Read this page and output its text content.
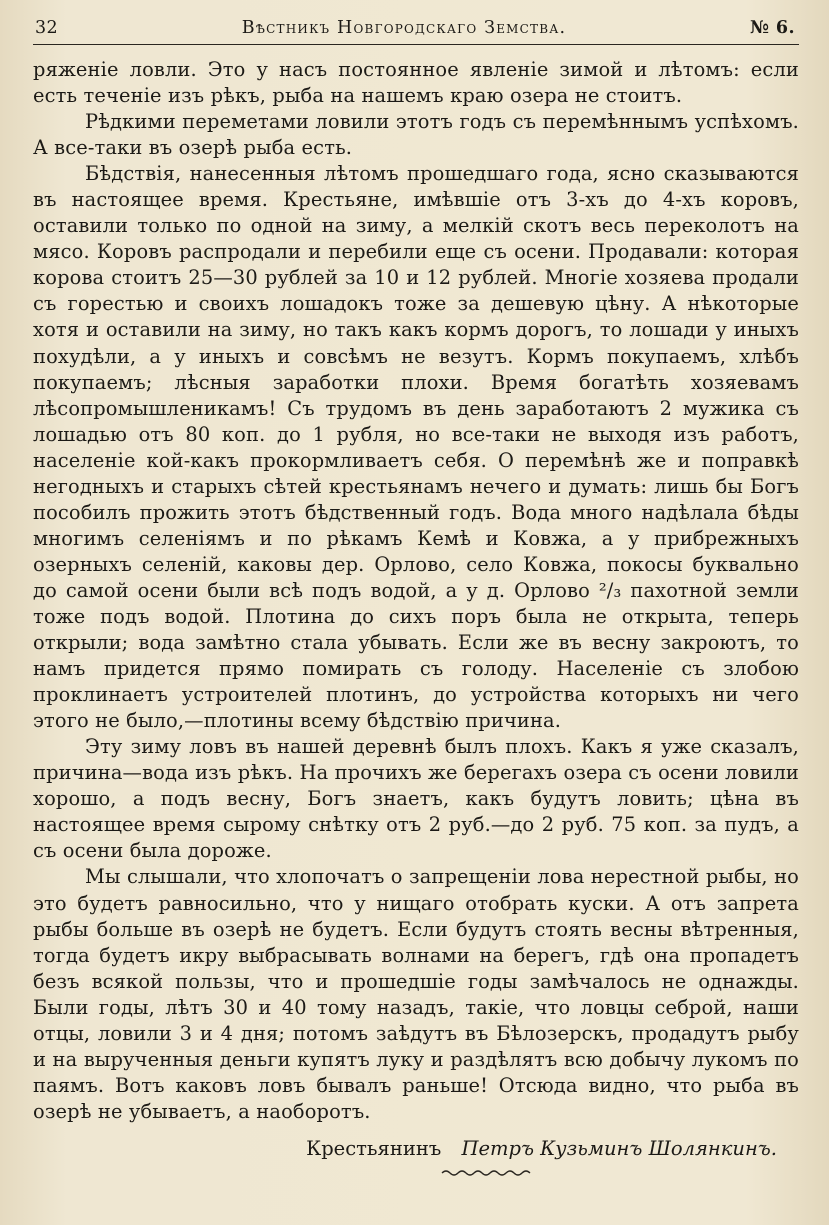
32	Вѣстникъ Новгородскаго Земства.	№ 6.

ряженіе ловли. Это у насъ постоянное явленіе зимой и лѣтомъ: если есть теченіе изъ рѣкъ, рыба на нашемъ краю озера не стоитъ.

Рѣдкими переметами ловили этотъ годъ съ перемѣннымъ успѣхомъ. А все-таки въ озерѣ рыба есть.

Бѣдствія, нанесенныя лѣтомъ прошедшаго года, ясно сказываются въ настоящее время. Крестьяне, имѣвшіе отъ 3-хъ до 4-хъ коровъ, оставили только по одной на зиму, а мелкій скотъ весь переколотъ на мясо. Коровъ распродали и перебили еще съ осени. Продавали: которая корова стоитъ 25—30 рублей за 10 и 12 рублей. Многіе хозяева продали съ горестью и своихъ лошадокъ тоже за дешевую цѣну. А нѣкоторые хотя и оставили на зиму, но такъ какъ кормъ дорогъ, то лошади у иныхъ похудѣли, а у иныхъ и совсѣмъ не везутъ. Кормъ покупаемъ, хлѣбъ покупаемъ; лѣсныя заработки плохи. Время богатѣть хозяевамъ лѣсопромышленикамъ! Съ трудомъ въ день заработаютъ 2 мужика съ лошадью отъ 80 коп. до 1 рубля, но все-таки не выходя изъ работъ, населеніе кой-какъ прокормливаетъ себя. О перемѣнѣ же и поправкѣ негодныхъ и старыхъ сѣтей крестьянамъ нечего и думать: лишь бы Богъ пособилъ прожить этотъ бѣдственный годъ. Вода много надѣлала бѣды многимъ селеніямъ и по рѣкамъ Кемѣ и Ковжа, а у прибрежныхъ озерныхъ селеній, каковы дер. Орлово, село Ковжа, покосы буквально до самой осени были всѣ подъ водой, а у д. Орлово ²/₃ пахотной земли тоже подъ водой. Плотина до сихъ поръ была не открыта, теперь открыли; вода замѣтно стала убывать. Если же въ весну закроютъ, то намъ придется прямо помирать съ голоду. Населеніе съ злобою проклинаетъ устроителей плотинъ, до устройства которыхъ ни чего этого не было,—плотины всему бѣдствію причина.

Эту зиму ловъ въ нашей деревнѣ былъ плохъ. Какъ я уже сказалъ, причина—вода изъ рѣкъ. На прочихъ же берегахъ озера съ осени ловили хорошо, а подъ весну, Богъ знаетъ, какъ будутъ ловить; цѣна въ настоящее время сырому снѣтку отъ 2 руб.—до 2 руб. 75 коп. за пудъ, а съ осени была дороже.

Мы слышали, что хлопочатъ о запрещеніи лова нерестной рыбы, но это будетъ равносильно, что у нищаго отобрать куски. А отъ запрета рыбы больше въ озерѣ не будетъ. Если будутъ стоять весны вѣтренныя, тогда будетъ икру выбрасывать волнами на берегъ, гдѣ она пропадетъ безъ всякой пользы, что и прошедшіе годы замѣчалось не однажды. Были годы, лѣтъ 30 и 40 тому назадъ, такіе, что ловцы себрой, наши отцы, ловили 3 и 4 дня; потомъ заѣдутъ въ Бѣлозерскъ, продадутъ рыбу и на вырученныя деньги купятъ луку и раздѣлятъ всю добычу лукомъ по паямъ. Вотъ каковъ ловъ бывалъ раньше! Отсюда видно, что рыба въ озерѣ не убываетъ, а наоборотъ.

Крестьянинъ Петръ Кузьминъ Шолянкинъ.
